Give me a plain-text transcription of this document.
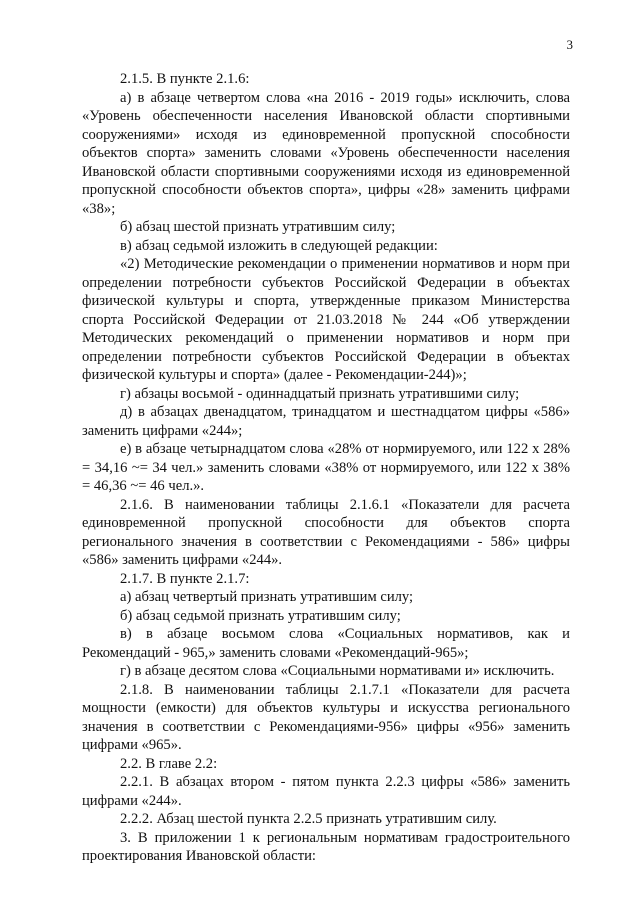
3

2.1.5. В пункте 2.1.6:

а) в абзаце четвертом слова «на 2016 - 2019 годы» исключить, слова «Уровень обеспеченности населения Ивановской области спортивными сооружениями» исходя из единовременной пропускной способности объектов спорта» заменить словами «Уровень обеспеченности населения Ивановской области спортивными сооружениями исходя из единовременной пропускной способности объектов спорта», цифры «28» заменить цифрами «38»;

б) абзац шестой признать утратившим силу;

в) абзац седьмой изложить в следующей редакции:

«2) Методические рекомендации о применении нормативов и норм при определении потребности субъектов Российской Федерации в объектах физической культуры и спорта, утвержденные приказом Министерства спорта Российской Федерации от 21.03.2018 № 244 «Об утверждении Методических рекомендаций о применении нормативов и норм при определении потребности субъектов Российской Федерации в объектах физической культуры и спорта» (далее - Рекомендации-244)»;

г) абзацы восьмой - одиннадцатый признать утратившими силу;

д) в абзацах двенадцатом, тринадцатом и шестнадцатом цифры «586» заменить цифрами «244»;

е) в абзаце четырнадцатом слова «28% от нормируемого, или 122 x 28% = 34,16 ~= 34 чел.» заменить словами «38% от нормируемого, или 122 x 38% = 46,36 ~= 46 чел.».

2.1.6. В наименовании таблицы 2.1.6.1 «Показатели для расчета единовременной пропускной способности для объектов спорта регионального значения в соответствии с Рекомендациями - 586» цифры «586» заменить цифрами «244».

2.1.7. В пункте 2.1.7:

а) абзац четвертый признать утратившим силу;

б) абзац седьмой признать утратившим силу;

в) в абзаце восьмом слова «Социальных нормативов, как и Рекомендаций - 965,» заменить словами «Рекомендаций-965»;

г) в абзаце десятом слова «Социальными нормативами и» исключить.

2.1.8. В наименовании таблицы 2.1.7.1 «Показатели для расчета мощности (емкости) для объектов культуры и искусства регионального значения в соответствии с Рекомендациями-956» цифры «956» заменить цифрами «965».

2.2. В главе 2.2:

2.2.1. В абзацах втором - пятом пункта 2.2.3 цифры «586» заменить цифрами «244».

2.2.2. Абзац шестой пункта 2.2.5 признать утратившим силу.

3. В приложении 1 к региональным нормативам градостроительного проектирования Ивановской области:
